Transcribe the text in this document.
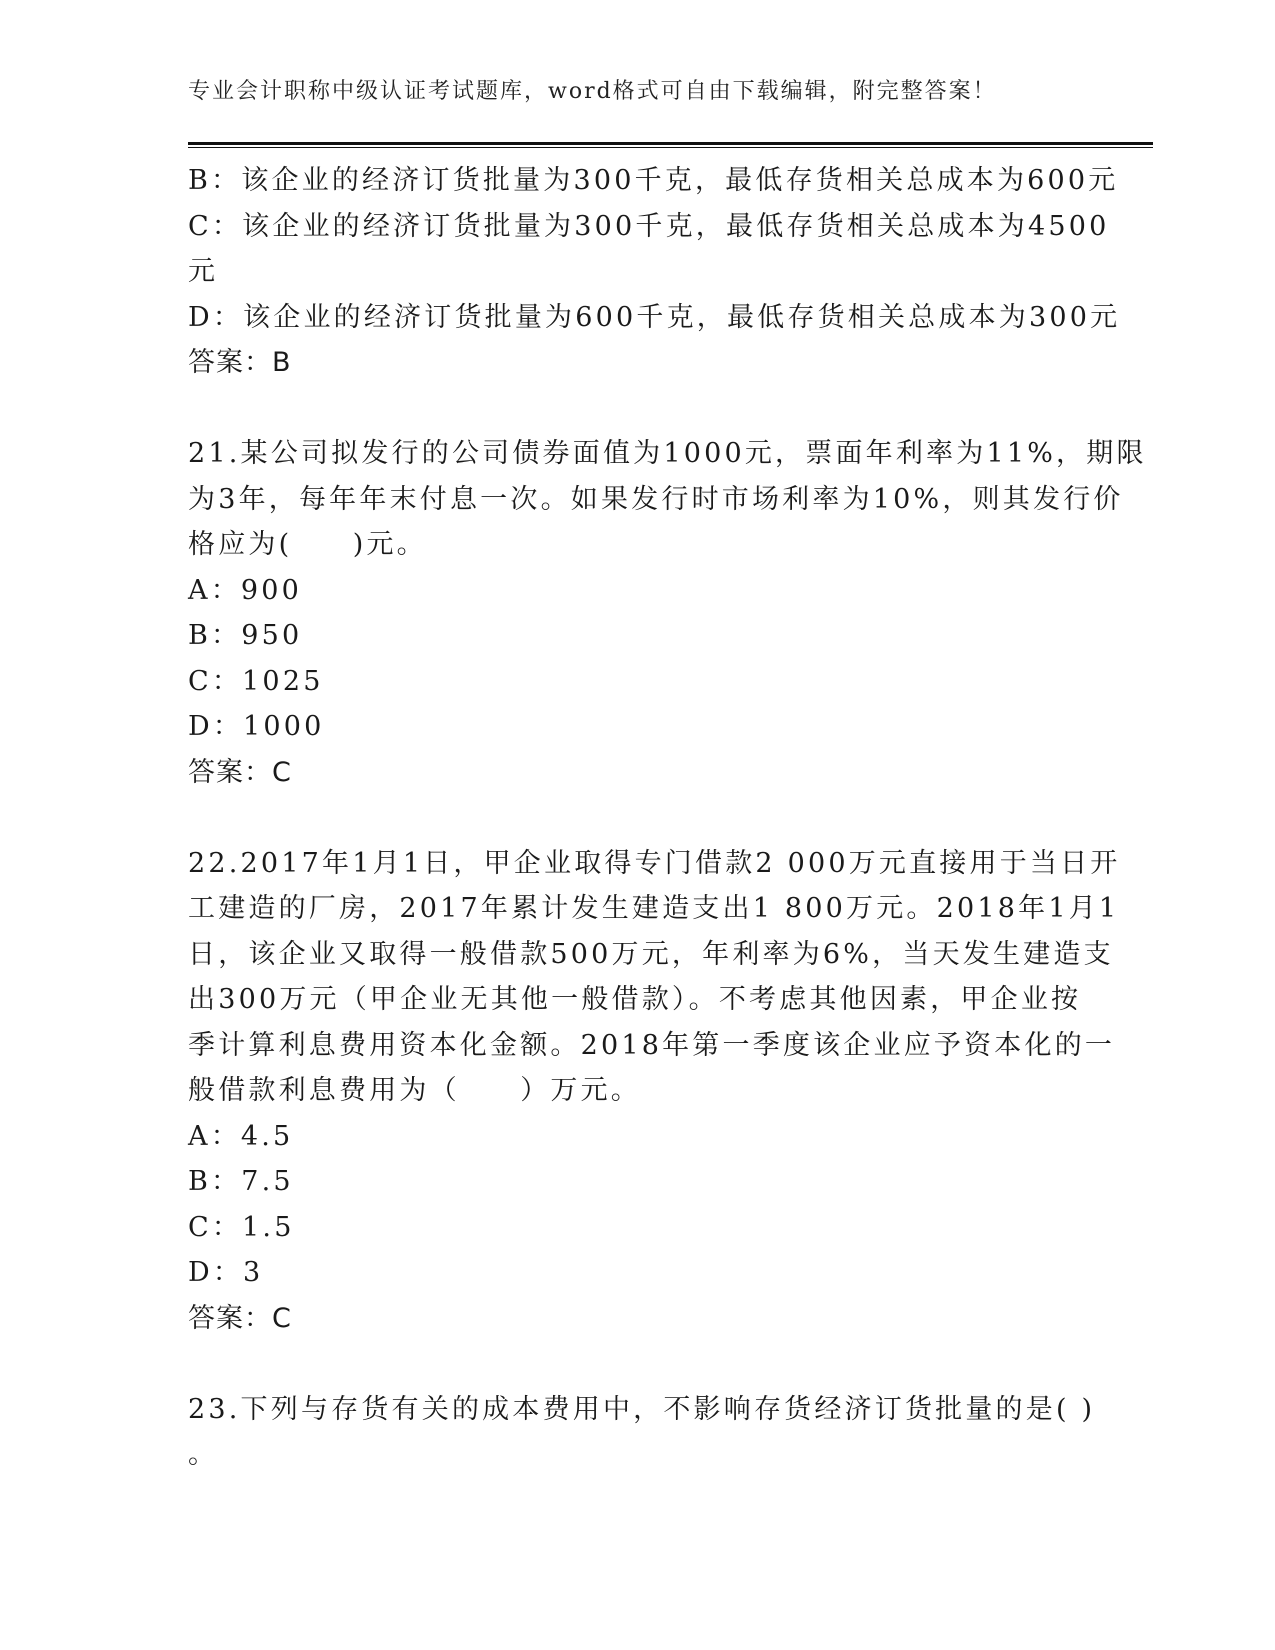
专业会计职称中级认证考试题库，word格式可自由下载编辑，附完整答案！
B：该企业的经济订货批量为300千克，最低存货相关总成本为600元
C：该企业的经济订货批量为300千克，最低存货相关总成本为4500
元
D：该企业的经济订货批量为600千克，最低存货相关总成本为300元
答案：B
21.某公司拟发行的公司债券面值为1000元，票面年利率为11%，期限
为3年，每年年末付息一次。如果发行时市场利率为10%，则其发行价
格应为(　　)元。
A：900
B：950
C：1025
D：1000
答案：C
22.2017年1月1日，甲企业取得专门借款2 000万元直接用于当日开
工建造的厂房，2017年累计发生建造支出1 800万元。2018年1月1
日，该企业又取得一般借款500万元，年利率为6%，当天发生建造支
出300万元（甲企业无其他一般借款）。不考虑其他因素，甲企业按
季计算利息费用资本化金额。2018年第一季度该企业应予资本化的一
般借款利息费用为（　　）万元。
A：4.5
B：7.5
C：1.5
D：3
答案：C
23.下列与存货有关的成本费用中，不影响存货经济订货批量的是( )
。
